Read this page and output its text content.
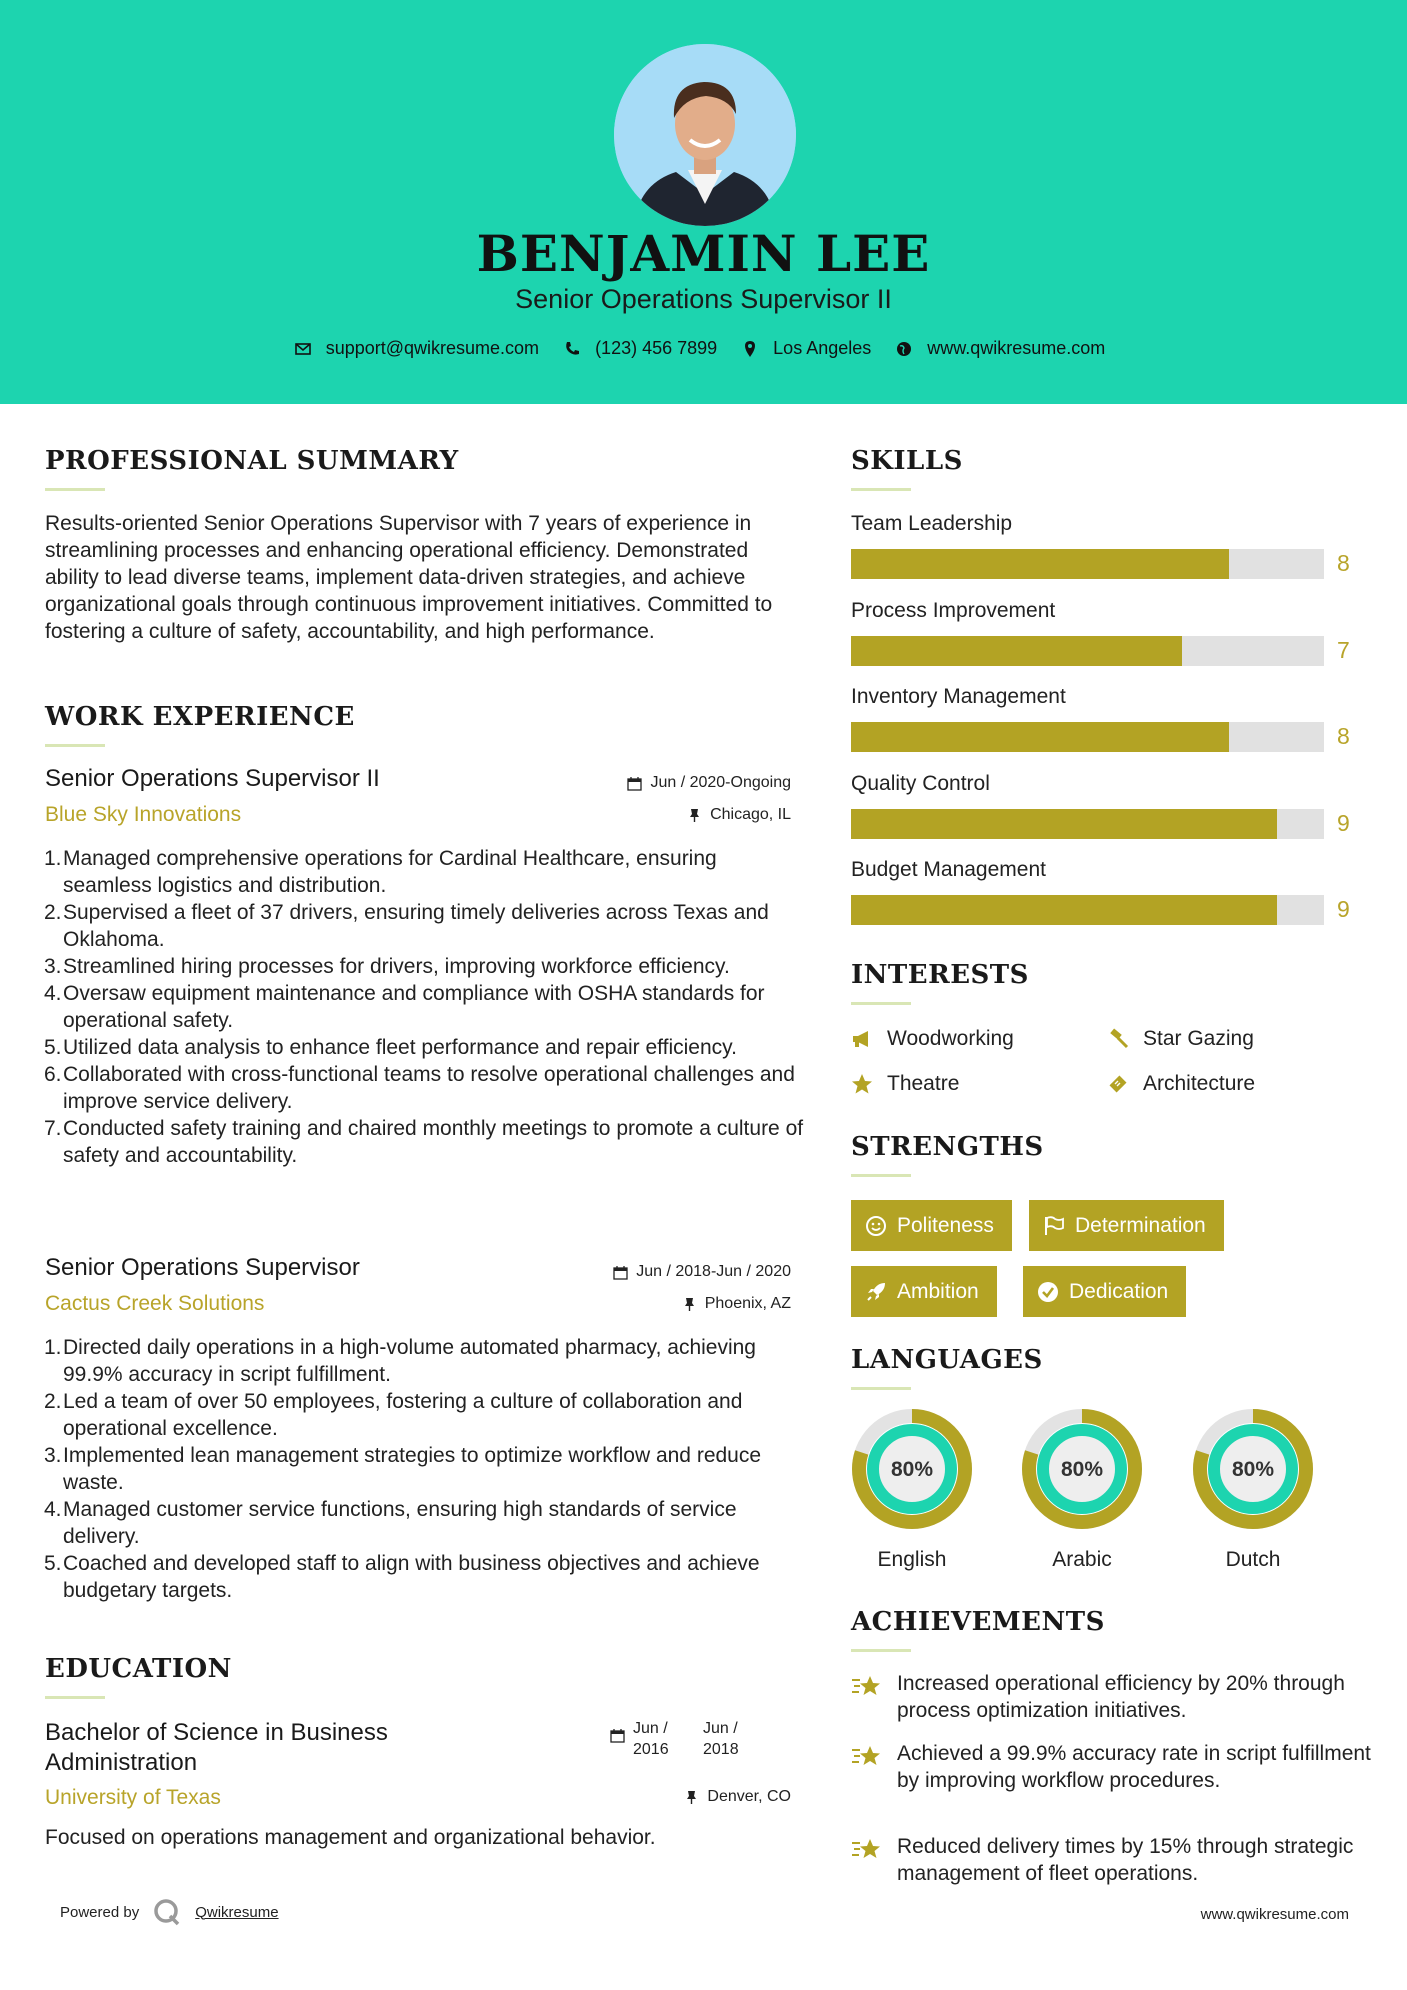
BENJAMIN LEE
Senior Operations Supervisor II
support@qwikresume.com	(123) 456 7899	Los Angeles	www.qwikresume.com
PROFESSIONAL SUMMARY
Results-oriented Senior Operations Supervisor with 7 years of experience in streamlining processes and enhancing operational efficiency. Demonstrated ability to lead diverse teams, implement data-driven strategies, and achieve organizational goals through continuous improvement initiatives. Committed to fostering a culture of safety, accountability, and high performance.
WORK EXPERIENCE
Senior Operations Supervisor II
Blue Sky Innovations
Jun / 2020-Ongoing
Chicago, IL
1. Managed comprehensive operations for Cardinal Healthcare, ensuring seamless logistics and distribution.
2. Supervised a fleet of 37 drivers, ensuring timely deliveries across Texas and Oklahoma.
3. Streamlined hiring processes for drivers, improving workforce efficiency.
4. Oversaw equipment maintenance and compliance with OSHA standards for operational safety.
5. Utilized data analysis to enhance fleet performance and repair efficiency.
6. Collaborated with cross-functional teams to resolve operational challenges and improve service delivery.
7. Conducted safety training and chaired monthly meetings to promote a culture of safety and accountability.
Senior Operations Supervisor
Cactus Creek Solutions
Jun / 2018-Jun / 2020
Phoenix, AZ
1. Directed daily operations in a high-volume automated pharmacy, achieving 99.9% accuracy in script fulfillment.
2. Led a team of over 50 employees, fostering a culture of collaboration and operational excellence.
3. Implemented lean management strategies to optimize workflow and reduce waste.
4. Managed customer service functions, ensuring high standards of service delivery.
5. Coached and developed staff to align with business objectives and achieve budgetary targets.
EDUCATION
Bachelor of Science in Business Administration
Jun / 2016
Jun / 2018
University of Texas	Denver, CO
Focused on operations management and organizational behavior.
SKILLS
Team Leadership
8
Process Improvement
7
Inventory Management
8
Quality Control
9
Budget Management
9
INTERESTS
Woodworking	Star Gazing
Theatre	Architecture
STRENGTHS
Politeness	Determination
Ambition	Dedication
LANGUAGES
80%
English
80%
Arabic
80%
Dutch
ACHIEVEMENTS
Increased operational efficiency by 20% through process optimization initiatives.
Achieved a 99.9% accuracy rate in script fulfillment by improving workflow procedures.
Reduced delivery times by 15% through strategic management of fleet operations.
Powered by	Qwikresume	www.qwikresume.com
